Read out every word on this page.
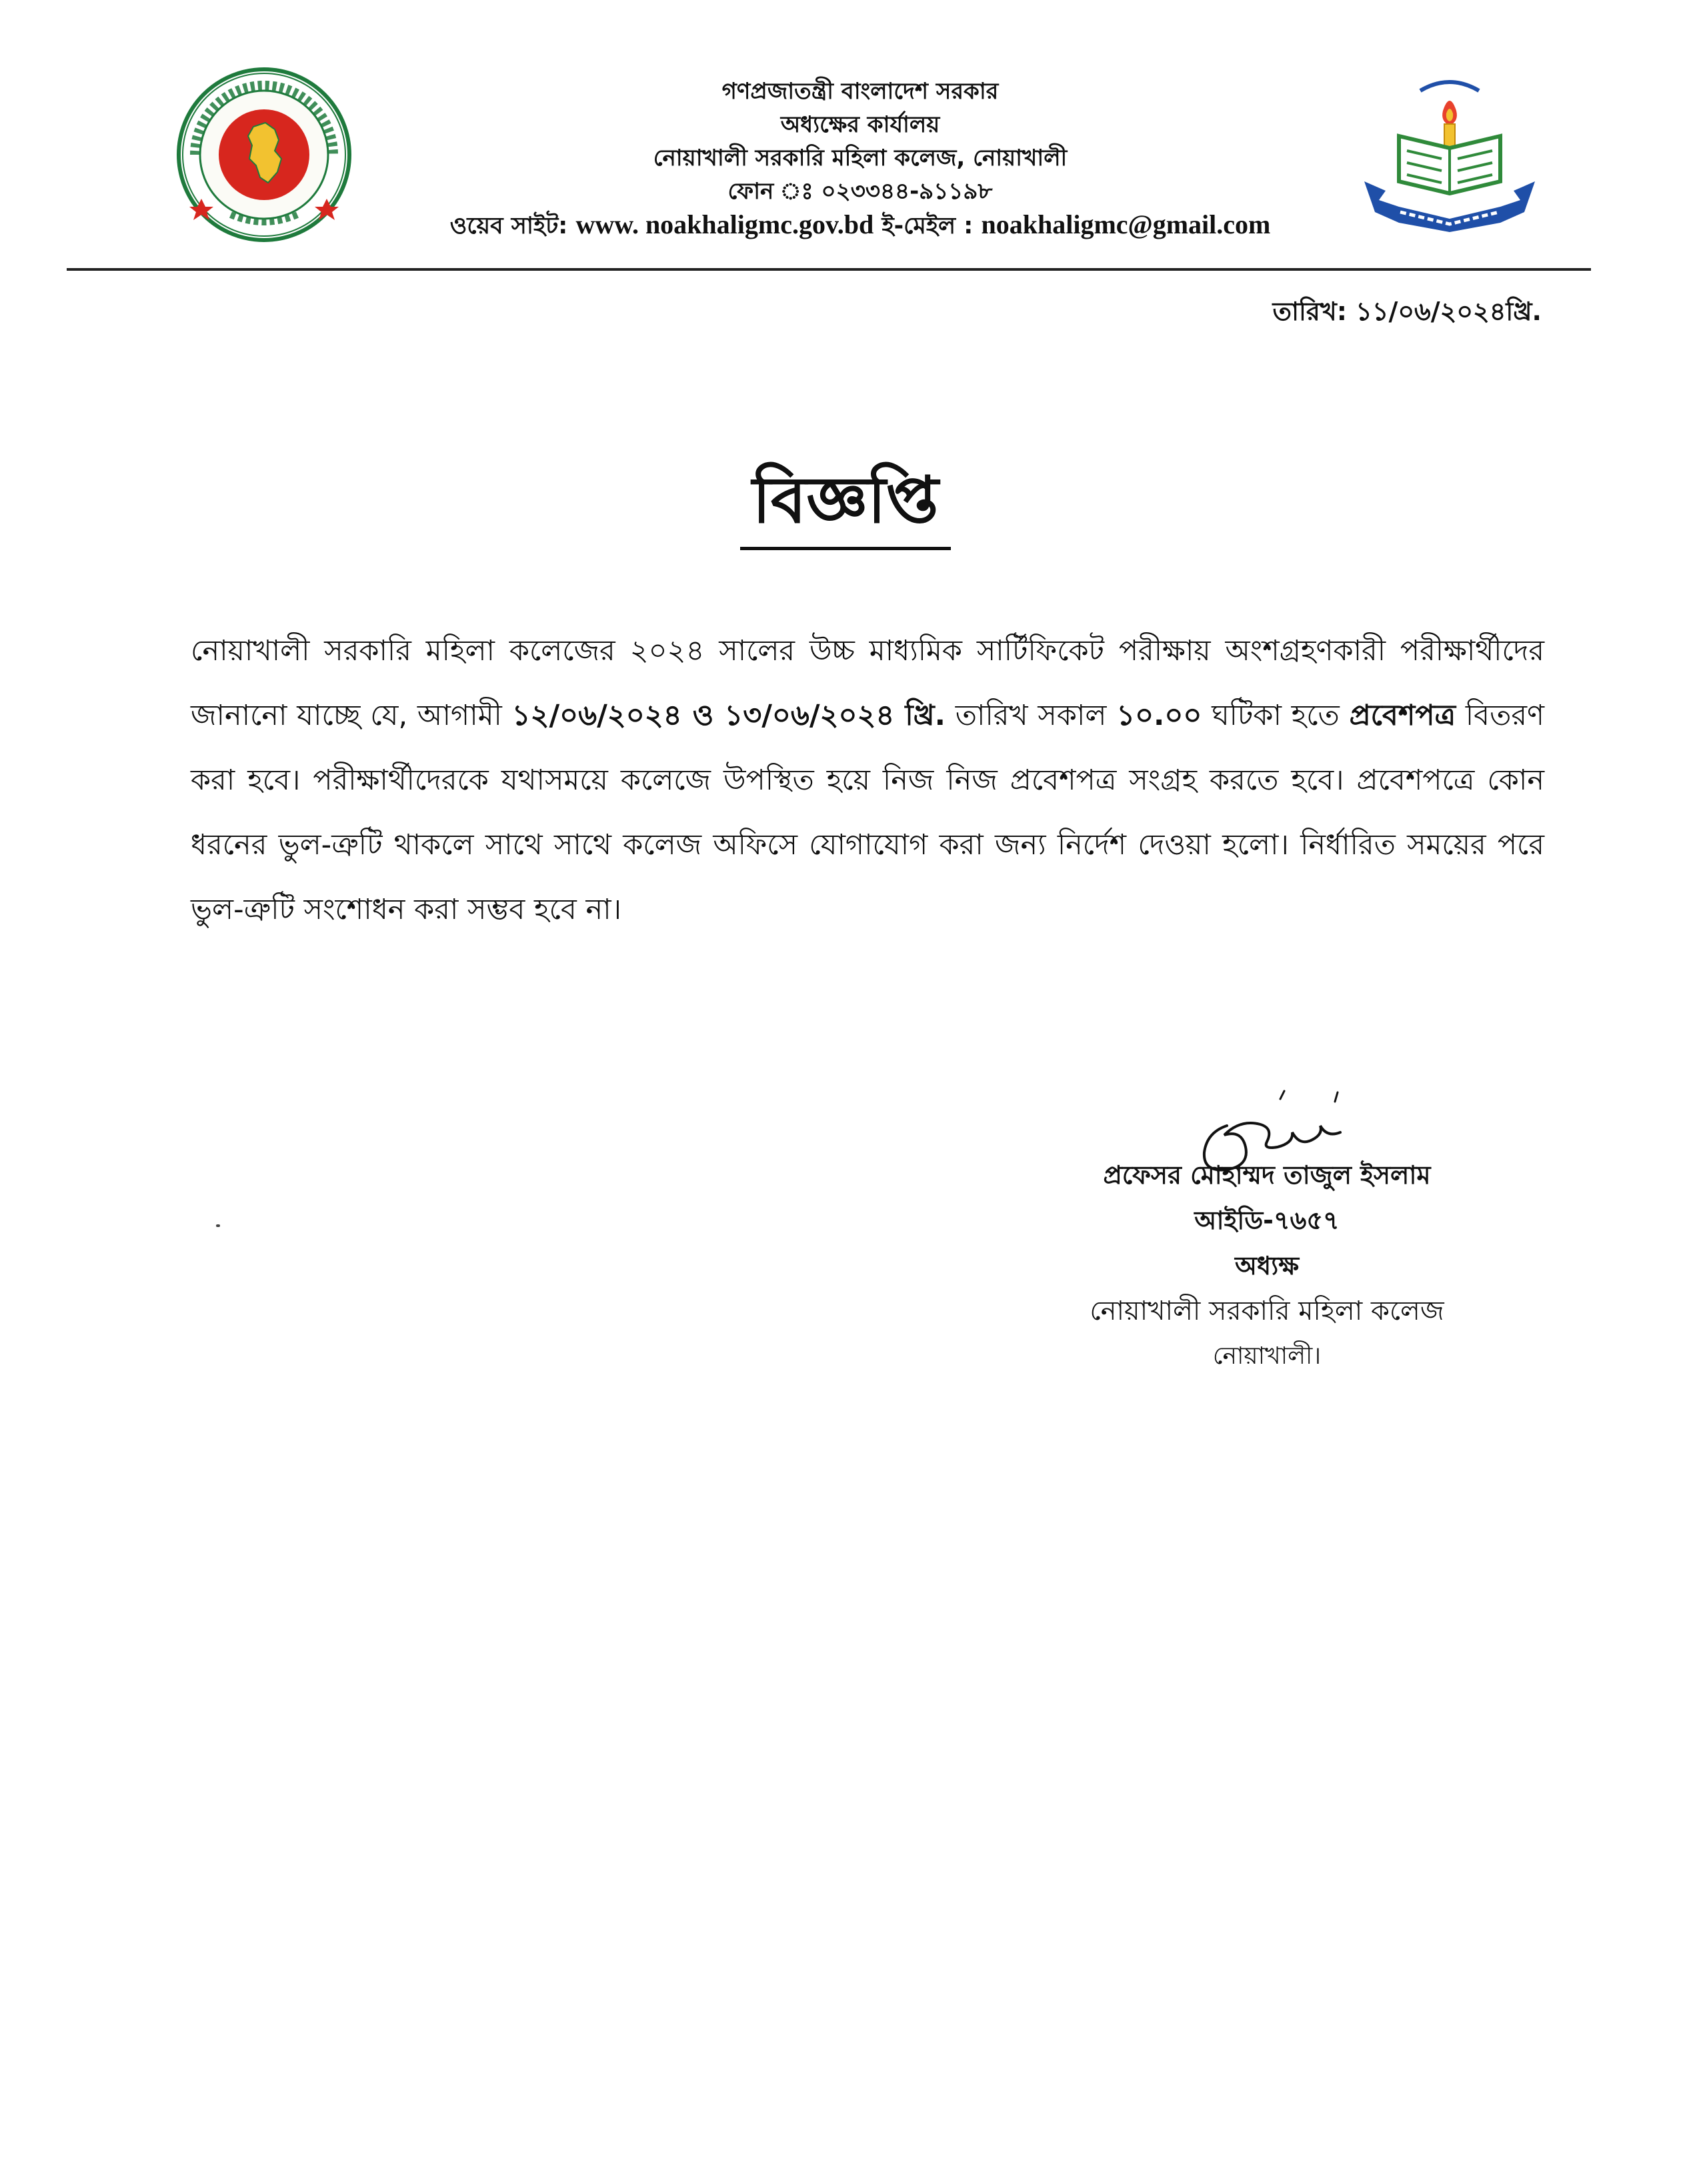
গণপ্রজাতন্ত্রী বাংলাদেশ সরকার
অধ্যক্ষের কার্যালয়
নোয়াখালী সরকারি মহিলা কলেজ, নোয়াখালী
ফোন ঃ ০২৩৩৪৪-৯১১৯৮
ওয়েব সাইট: www. noakhaligmc.gov.bd ই-মেইল : noakhaligmc@gmail.com
তারিখ: ১১/০৬/২০২৪খ্রি.
বিজ্ঞপ্তি
নোয়াখালী সরকারি মহিলা কলেজের ২০২৪ সালের উচ্চ মাধ্যমিক সার্টিফিকেট পরীক্ষায় অংশগ্রহণকারী পরীক্ষার্থীদের জানানো যাচ্ছে যে, আগামী ১২/০৬/২০২৪ ও ১৩/০৬/২০২৪ খ্রি. তারিখ সকাল ১০.০০ ঘটিকা হতে প্রবেশপত্র বিতরণ করা হবে। পরীক্ষার্থীদেরকে যথাসময়ে কলেজে উপস্থিত হয়ে নিজ নিজ প্রবেশপত্র সংগ্রহ করতে হবে। প্রবেশপত্রে কোন ধরনের ভুল-ত্রুটি থাকলে সাথে সাথে কলেজ অফিসে যোগাযোগ করা জন্য নির্দেশ দেওয়া হলো। নির্ধারিত সময়ের পরে ভুল-ত্রুটি সংশোধন করা সম্ভব হবে না।
প্রফেসর মোহাম্মদ তাজুল ইসলাম
আইডি-৭৬৫৭
অধ্যক্ষ
নোয়াখালী সরকারি মহিলা কলেজ
নোয়াখালী।
